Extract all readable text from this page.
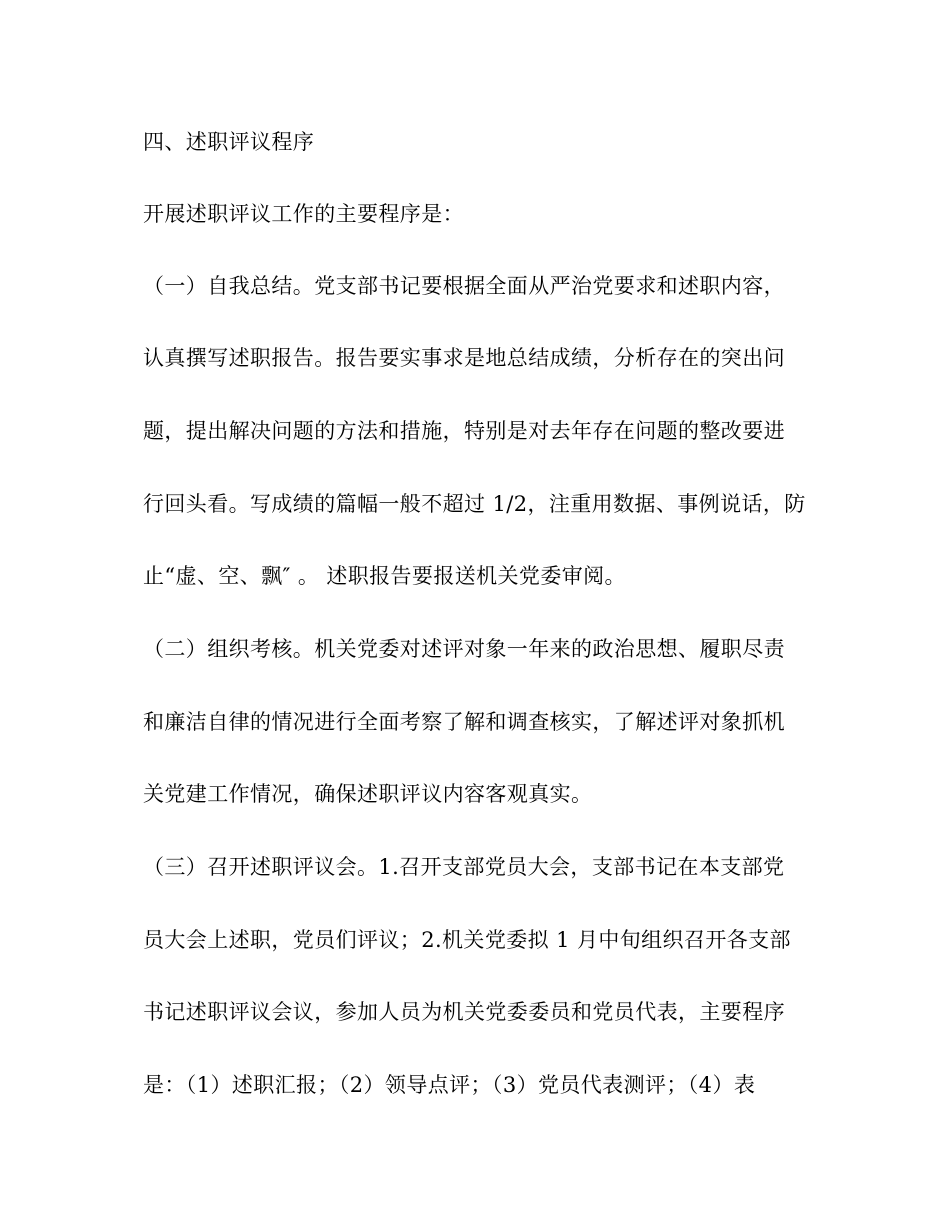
四、述职评议程序
开展述职评议工作的主要程序是：
（一）自我总结。党支部书记要根据全面从严治党要求和述职内容，
认真撰写述职报告。报告要实事求是地总结成绩，分析存在的突出问
题，提出解决问题的方法和措施，特别是对去年存在问题的整改要进
行回头看。写成绩的篇幅一般不超过 1/2，注重用数据、事例说话，防
止“虚、空、飘″ 。 述职报告要报送机关党委审阅。
（二）组织考核。机关党委对述评对象一年来的政治思想、履职尽责
和廉洁自律的情况进行全面考察了解和调查核实，了解述评对象抓机
关党建工作情况，确保述职评议内容客观真实。
（三）召开述职评议会。1.召开支部党员大会，支部书记在本支部党
员大会上述职，党员们评议；2.机关党委拟 1 月中旬组织召开各支部
书记述职评议会议，参加人员为机关党委委员和党员代表，主要程序
是：（1）述职汇报；（2）领导点评；（3）党员代表测评；（4）表
